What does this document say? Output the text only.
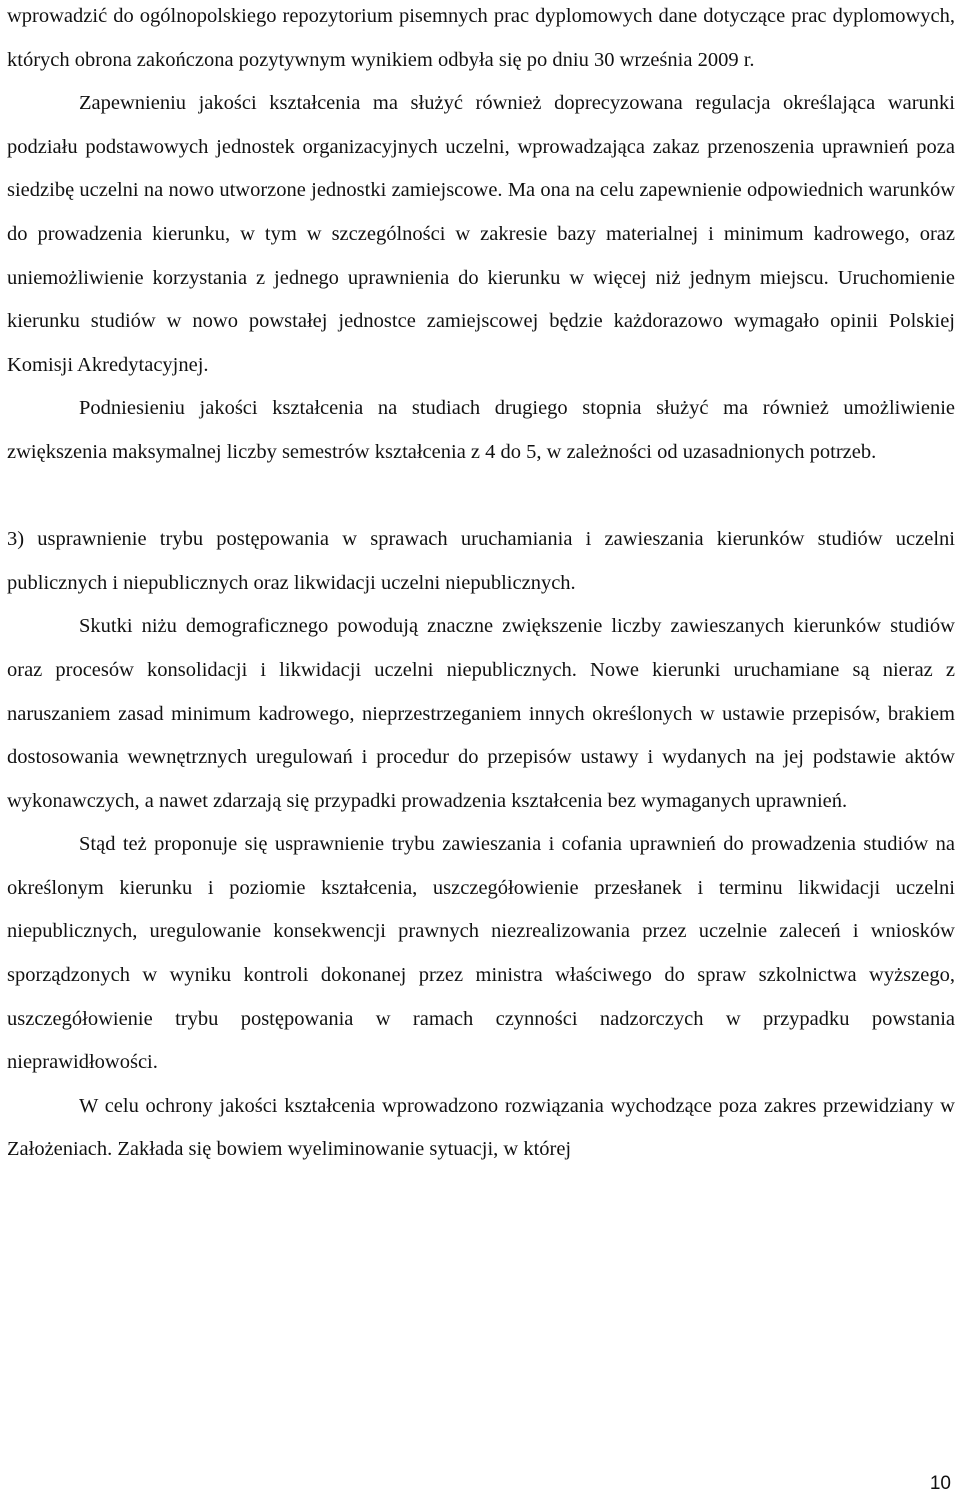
wprowadzić do ogólnopolskiego repozytorium pisemnych prac dyplomowych dane dotyczące prac dyplomowych, których obrona zakończona pozytywnym wynikiem odbyła się po dniu 30 września 2009 r.

Zapewnieniu jakości kształcenia ma służyć również doprecyzowana regulacja określająca warunki podziału podstawowych jednostek organizacyjnych uczelni, wprowadzająca zakaz przenoszenia uprawnień poza siedzibę uczelni na nowo utworzone jednostki zamiejscowe. Ma ona na celu zapewnienie odpowiednich warunków do prowadzenia kierunku, w tym w szczególności w zakresie bazy materialnej i minimum kadrowego, oraz uniemożliwienie korzystania z jednego uprawnienia do kierunku w więcej niż jednym miejscu. Uruchomienie kierunku studiów w nowo powstałej jednostce zamiejscowej będzie każdorazowo wymagało opinii Polskiej Komisji Akredytacyjnej.

Podniesieniu jakości kształcenia na studiach drugiego stopnia służyć ma również umożliwienie zwiększenia maksymalnej liczby semestrów kształcenia z 4 do 5, w zależności od uzasadnionych potrzeb.

3) usprawnienie trybu postępowania w sprawach uruchamiania i zawieszania kierunków studiów uczelni publicznych i niepublicznych oraz likwidacji uczelni niepublicznych.

Skutki niżu demograficznego powodują znaczne zwiększenie liczby zawieszanych kierunków studiów oraz procesów konsolidacji i likwidacji uczelni niepublicznych. Nowe kierunki uruchamiane są nieraz z naruszaniem zasad minimum kadrowego, nieprzestrzeganiem innych określonych w ustawie przepisów, brakiem dostosowania wewnętrznych uregulowań i procedur do przepisów ustawy i wydanych na jej podstawie aktów wykonawczych, a nawet zdarzają się przypadki prowadzenia kształcenia bez wymaganych uprawnień.

Stąd też proponuje się usprawnienie trybu zawieszania i cofania uprawnień do prowadzenia studiów na określonym kierunku i poziomie kształcenia, uszczegółowienie przesłanek i terminu likwidacji uczelni niepublicznych, uregulowanie konsekwencji prawnych niezrealizowania przez uczelnie zaleceń i wniosków sporządzonych w wyniku kontroli dokonanej przez ministra właściwego do spraw szkolnictwa wyższego, uszczegółowienie trybu postępowania w ramach czynności nadzorczych w przypadku powstania nieprawidłowości.

W celu ochrony jakości kształcenia wprowadzono rozwiązania wychodzące poza zakres przewidziany w Założeniach. Zakłada się bowiem wyeliminowanie sytuacji, w której

10
